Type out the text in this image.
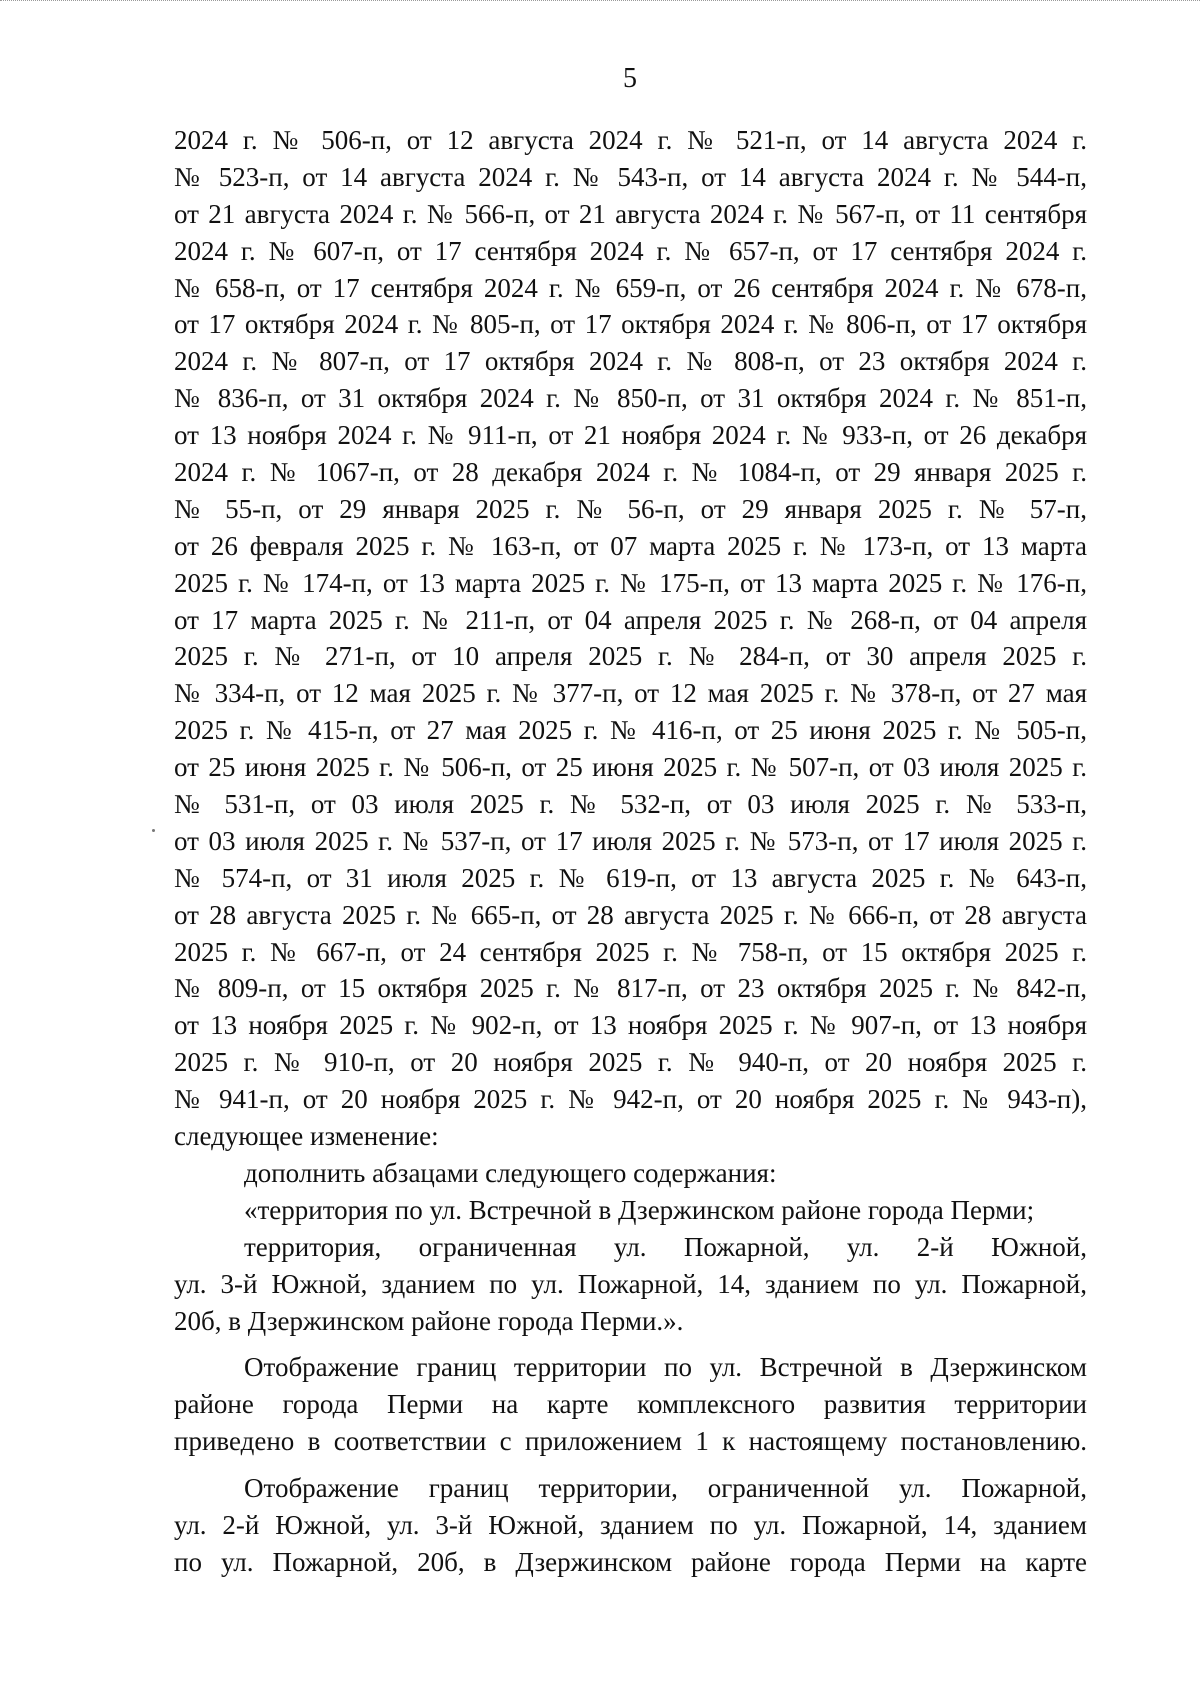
5
2024 г. № 506-п, от 12 августа 2024 г. № 521-п, от 14 августа 2024 г.
№ 523-п, от 14 августа 2024 г. № 543-п, от 14 августа 2024 г. № 544-п,
от 21 августа 2024 г. № 566-п, от 21 августа 2024 г. № 567-п, от 11 сентября
2024 г. № 607-п, от 17 сентября 2024 г. № 657-п, от 17 сентября 2024 г.
№ 658-п, от 17 сентября 2024 г. № 659-п, от 26 сентября 2024 г. № 678-п,
от 17 октября 2024 г. № 805-п, от 17 октября 2024 г. № 806-п, от 17 октября
2024 г. № 807-п, от 17 октября 2024 г. № 808-п, от 23 октября 2024 г.
№ 836-п, от 31 октября 2024 г. № 850-п, от 31 октября 2024 г. № 851-п,
от 13 ноября 2024 г. № 911-п, от 21 ноября 2024 г. № 933-п, от 26 декабря
2024 г. № 1067-п, от 28 декабря 2024 г. № 1084-п, от 29 января 2025 г.
№ 55-п, от 29 января 2025 г. № 56-п, от 29 января 2025 г. № 57-п,
от 26 февраля 2025 г. № 163-п, от 07 марта 2025 г. № 173-п, от 13 марта
2025 г. № 174-п, от 13 марта 2025 г. № 175-п, от 13 марта 2025 г. № 176-п,
от 17 марта 2025 г. № 211-п, от 04 апреля 2025 г. № 268-п, от 04 апреля
2025 г. № 271-п, от 10 апреля 2025 г. № 284-п, от 30 апреля 2025 г.
№ 334-п, от 12 мая 2025 г. № 377-п, от 12 мая 2025 г. № 378-п, от 27 мая
2025 г. № 415-п, от 27 мая 2025 г. № 416-п, от 25 июня 2025 г. № 505-п,
от 25 июня 2025 г. № 506-п, от 25 июня 2025 г. № 507-п, от 03 июля 2025 г.
№ 531-п, от 03 июля 2025 г. № 532-п, от 03 июля 2025 г. № 533-п,
от 03 июля 2025 г. № 537-п, от 17 июля 2025 г. № 573-п, от 17 июля 2025 г.
№ 574-п, от 31 июля 2025 г. № 619-п, от 13 августа 2025 г. № 643-п,
от 28 августа 2025 г. № 665-п, от 28 августа 2025 г. № 666-п, от 28 августа
2025 г. № 667-п, от 24 сентября 2025 г. № 758-п, от 15 октября 2025 г.
№ 809-п, от 15 октября 2025 г. № 817-п, от 23 октября 2025 г. № 842-п,
от 13 ноября 2025 г. № 902-п, от 13 ноября 2025 г. № 907-п, от 13 ноября
2025 г. № 910-п, от 20 ноября 2025 г. № 940-п, от 20 ноября 2025 г.
№ 941-п, от 20 ноября 2025 г. № 942-п, от 20 ноября 2025 г. № 943-п),
следующее изменение:
дополнить абзацами следующего содержания:
«территория по ул. Встречной в Дзержинском районе города Перми;
территория, ограниченная ул. Пожарной, ул. 2-й Южной,
ул. 3-й Южной, зданием по ул. Пожарной, 14, зданием по ул. Пожарной,
20б, в Дзержинском районе города Перми.».
Отображение границ территории по ул. Встречной в Дзержинском
районе города Перми на карте комплексного развития территории
приведено в соответствии с приложением 1 к настоящему постановлению.
Отображение границ территории, ограниченной ул. Пожарной,
ул. 2-й Южной, ул. 3-й Южной, зданием по ул. Пожарной, 14, зданием
по ул. Пожарной, 20б, в Дзержинском районе города Перми на карте
